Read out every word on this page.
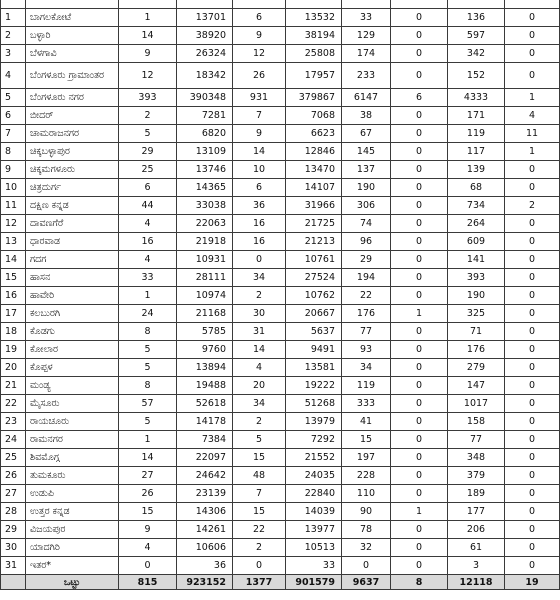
1	ಬಾಗಲಕೋಟೆ	1	13701	6	13532	33	0	136	0
2	ಬಳ್ಳಾರಿ	14	38920	9	38194	129	0	597	0
3	ಬೆಳಗಾವಿ	9	26324	12	25808	174	0	342	0
4	ಬೆಂಗಳೂರು ಗ್ರಾಮಾಂತರ	12	18342	26	17957	233	0	152	0
5	ಬೆಂಗಳೂರು ನಗರ	393	390348	931	379867	6147	6	4333	1
6	ಬೀದರ್	2	7281	7	7068	38	0	171	4
7	ಚಾಮರಾಜನಗರ	5	6820	9	6623	67	0	119	11
8	ಚಿಕ್ಕಬಳ್ಳಾಪುರ	29	13109	14	12846	145	0	117	1
9	ಚಿಕ್ಕಮಗಳೂರು	25	13746	10	13470	137	0	139	0
10	ಚಿತ್ರದುರ್ಗ	6	14365	6	14107	190	0	68	0
11	ದಕ್ಷಿಣ ಕನ್ನಡ	44	33038	36	31966	306	0	734	2
12	ದಾವಣಗೆರೆ	4	22063	16	21725	74	0	264	0
13	ಧಾರವಾಡ	16	21918	16	21213	96	0	609	0
14	ಗದಗ	4	10931	0	10761	29	0	141	0
15	ಹಾಸನ	33	28111	34	27524	194	0	393	0
16	ಹಾವೇರಿ	1	10974	2	10762	22	0	190	0
17	ಕಲಬುರಗಿ	24	21168	30	20667	176	1	325	0
18	ಕೊಡಗು	8	5785	31	5637	77	0	71	0
19	ಕೋಲಾರ	5	9760	14	9491	93	0	176	0
20	ಕೊಪ್ಪಳ	5	13894	4	13581	34	0	279	0
21	ಮಂಡ್ಯ	8	19488	20	19222	119	0	147	0
22	ಮೈಸೂರು	57	52618	34	51268	333	0	1017	0
23	ರಾಯಚೂರು	5	14178	2	13979	41	0	158	0
24	ರಾಮನಗರ	1	7384	5	7292	15	0	77	0
25	ಶಿವಮೊಗ್ಗ	14	22097	15	21552	197	0	348	0
26	ತುಮಕೂರು	27	24642	48	24035	228	0	379	0
27	ಉಡುಪಿ	26	23139	7	22840	110	0	189	0
28	ಉತ್ತರ ಕನ್ನಡ	15	14306	15	14039	90	1	177	0
29	ವಿಜಯಪುರ	9	14261	22	13977	78	0	206	0
30	ಯಾದಗಿರಿ	4	10606	2	10513	32	0	61	0
31	ಇತರ*	0	36	0	33	0	0	3	0
	ಒಟ್ಟು	815	923152	1377	901579	9637	8	12118	19
